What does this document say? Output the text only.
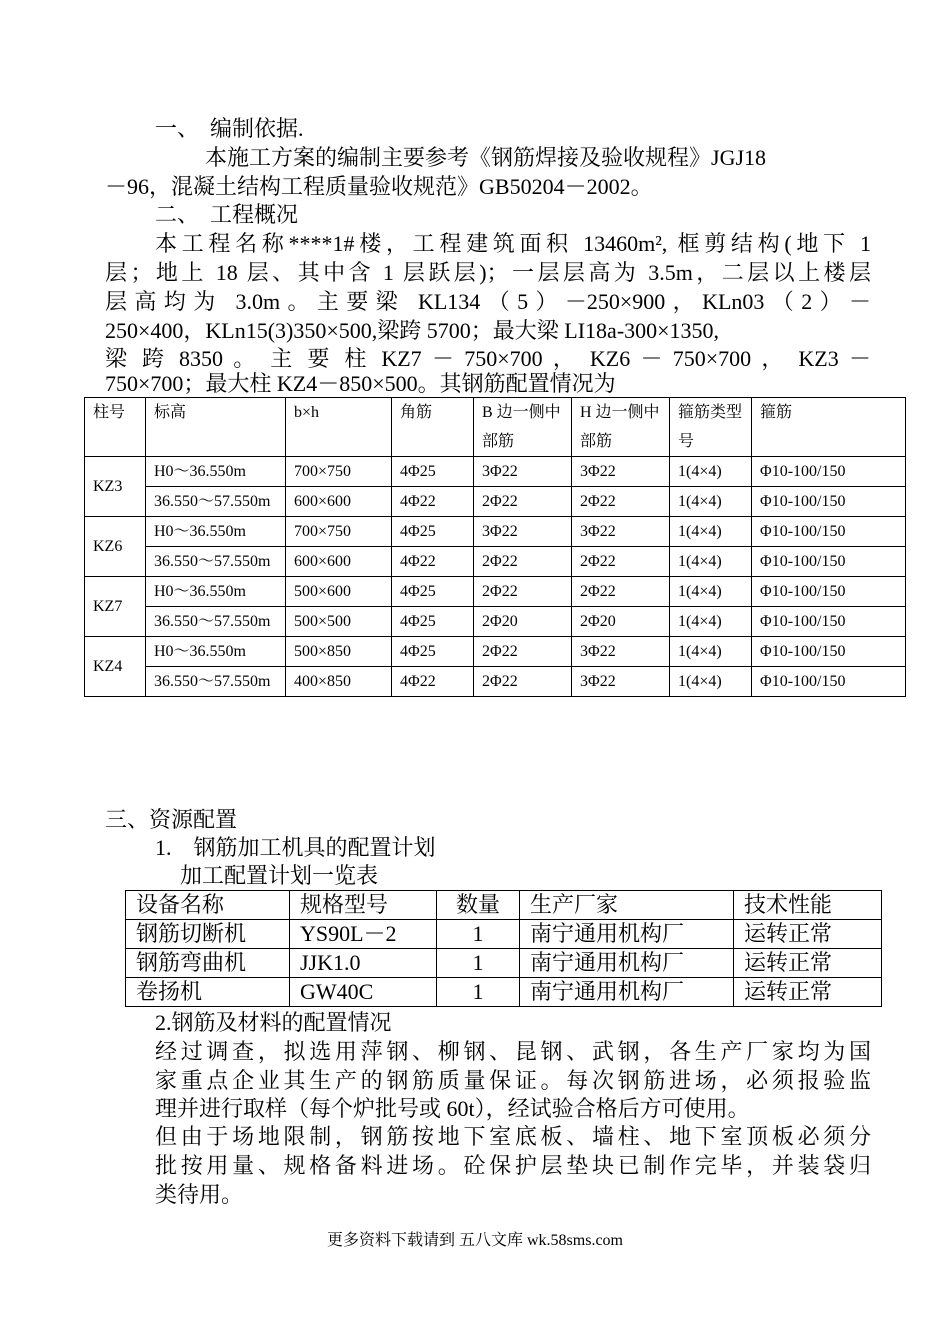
一、　编制依据.
本施工方案的编制主要参考《钢筋焊接及验收规程》JGJ18
－96，混凝土结构工程质量验收规范》GB50204－2002。
二、　工程概况
本工程名称****1#楼，工程建筑面积 13460m², 框剪结构(地下 1
层；地上 18 层、其中含 1 层跃层)；一层层高为 3.5m，二层以上楼层
层高均为 3.0m。主要梁 KL134（5）－250×900，KLn03（2）－
250×400，KLn15(3)350×500,梁跨 5700；最大梁 LI18a-300×1350,
梁 跨 8350 。 主 要 柱 KZ7 － 750×700 ， KZ6 － 750×700 ， KZ3 －
750×700；最大柱 KZ4－850×500。其钢筋配置情况为
柱号	标高	b×h	角筋	B 边一侧中部筋	H 边一侧中部筋	箍筋类型号	箍筋
KZ3	H0～36.550m	700×750	4Φ25	3Φ22	3Φ22	1(4×4)	Φ10-100/150
	36.550～57.550m	600×600	4Φ22	2Φ22	2Φ22	1(4×4)	Φ10-100/150
KZ6	H0～36.550m	700×750	4Φ25	3Φ22	3Φ22	1(4×4)	Φ10-100/150
	36.550～57.550m	600×600	4Φ22	2Φ22	2Φ22	1(4×4)	Φ10-100/150
KZ7	H0～36.550m	500×600	4Φ25	2Φ22	2Φ22	1(4×4)	Φ10-100/150
	36.550～57.550m	500×500	4Φ25	2Φ20	2Φ20	1(4×4)	Φ10-100/150
KZ4	H0～36.550m	500×850	4Φ25	2Φ22	3Φ22	1(4×4)	Φ10-100/150
	36.550～57.550m	400×850	4Φ22	2Φ22	3Φ22	1(4×4)	Φ10-100/150
三、资源配置
1.　钢筋加工机具的配置计划
加工配置计划一览表
设备名称	规格型号	数量	生产厂家	技术性能
钢筋切断机	YS90L－2	1	南宁通用机构厂	运转正常
钢筋弯曲机	JJK1.0	1	南宁通用机构厂	运转正常
卷扬机	GW40C	1	南宁通用机构厂	运转正常
2.钢筋及材料的配置情况
经过调查，拟选用萍钢、柳钢、昆钢、武钢，各生产厂家均为国
家重点企业其生产的钢筋质量保证。每次钢筋进场，必须报验监
理并进行取样（每个炉批号或 60t），经试验合格后方可使用。
但由于场地限制，钢筋按地下室底板、墙柱、地下室顶板必须分
批按用量、规格备料进场。砼保护层垫块已制作完毕，并装袋归
类待用。
更多资料下载请到 五八文库 wk.58sms.com
